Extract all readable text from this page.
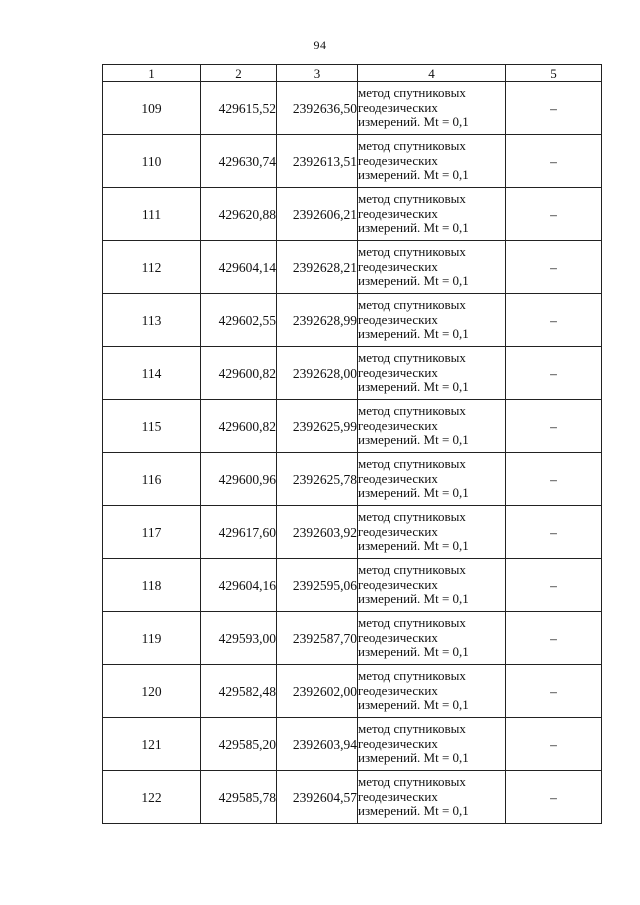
94
1	2	3	4	5
109	429615,52	2392636,50	метод спутниковых
геодезических
измерений. Mt = 0,1	–
110	429630,74	2392613,51	метод спутниковых
геодезических
измерений. Mt = 0,1	–
111	429620,88	2392606,21	метод спутниковых
геодезических
измерений. Mt = 0,1	–
112	429604,14	2392628,21	метод спутниковых
геодезических
измерений. Mt = 0,1	–
113	429602,55	2392628,99	метод спутниковых
геодезических
измерений. Mt = 0,1	–
114	429600,82	2392628,00	метод спутниковых
геодезических
измерений. Mt = 0,1	–
115	429600,82	2392625,99	метод спутниковых
геодезических
измерений. Mt = 0,1	–
116	429600,96	2392625,78	метод спутниковых
геодезических
измерений. Mt = 0,1	–
117	429617,60	2392603,92	метод спутниковых
геодезических
измерений. Mt = 0,1	–
118	429604,16	2392595,06	метод спутниковых
геодезических
измерений. Mt = 0,1	–
119	429593,00	2392587,70	метод спутниковых
геодезических
измерений. Mt = 0,1	–
120	429582,48	2392602,00	метод спутниковых
геодезических
измерений. Mt = 0,1	–
121	429585,20	2392603,94	метод спутниковых
геодезических
измерений. Mt = 0,1	–
122	429585,78	2392604,57	метод спутниковых
геодезических
измерений. Mt = 0,1	–
